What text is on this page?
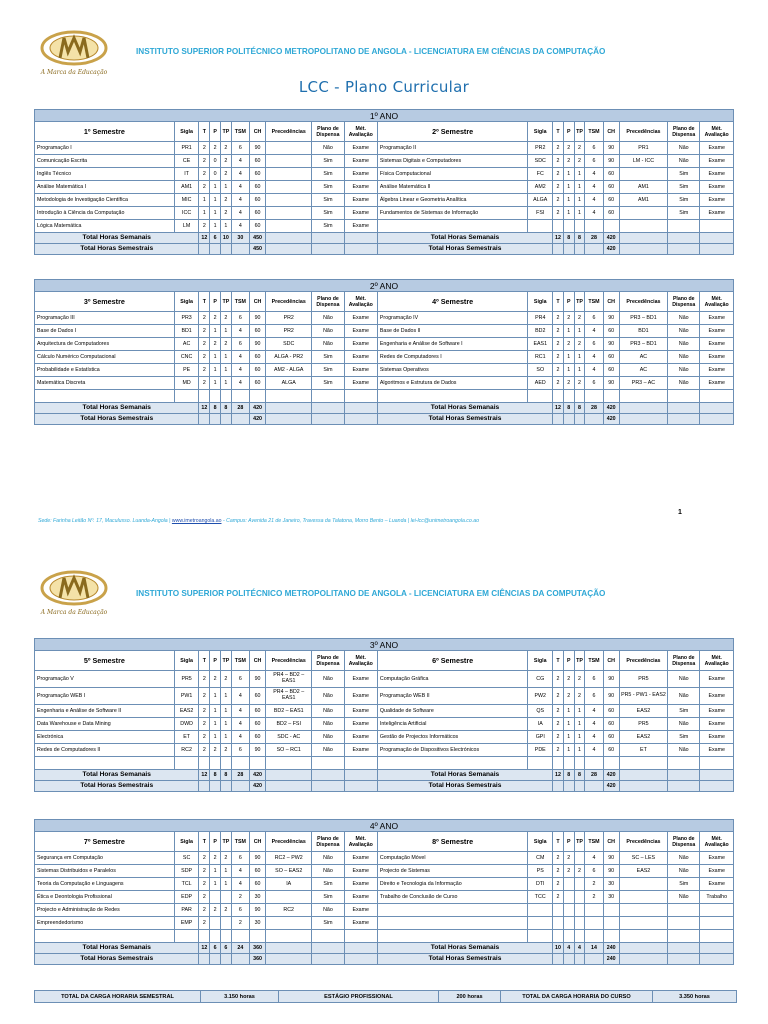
A Marca da Educação
INSTITUTO SUPERIOR POLITÉCNICO METROPOLITANO DE ANGOLA - LICENCIATURA EM CIÊNCIAS DA COMPUTAÇÃO
LCC - Plano Curricular
1º ANO																			
1º Semestre	Sigla	T	P	TP	TSM	CH	Precedências	Plano de Dispensa	Mét. Avaliação	2º Semestre	Sigla	T	P	TP	TSM	CH	Precedências	Plano de Dispensa	Mét. Avaliação
Programação I	PR1	2	2	2	6	90		Não	Exame	Programação II	PR2	2	2	2	6	90	PR1	Não	Exame
Comunicação Escrita	CE	2	0	2	4	60		Sim	Exame	Sistemas Digitais e Computadores	SDC	2	2	2	6	90	LM - ICC	Não	Exame
Inglês Técnico	IT	2	0	2	4	60		Sim	Exame	Física Computacional	FC	2	1	1	4	60		Sim	Exame
Análise Matemática I	AM1	2	1	1	4	60		Sim	Exame	Análise Matemática II	AM2	2	1	1	4	60	AM1	Sim	Exame
Metodologia de Investigação Científica	MIC	1	1	2	4	60		Sim	Exame	Álgebra Linear e Geometria Analítica	ALGA	2	1	1	4	60	AM1	Sim	Exame
Introdução à Ciência da Computação	ICC	1	1	2	4	60		Sim	Exame	Fundamentos de Sistemas de Informação	FSI	2	1	1	4	60		Sim	Exame
Lógica Matemática	LM	2	1	1	4	60		Sim	Exame										
Total Horas Semanais		12	6	10	30	450				Total Horas Semanais		12	8	8	28	420			
Total Horas Semestrais						450				Total Horas Semestrais						420			
2º ANO																			
3º Semestre	Sigla	T	P	TP	TSM	CH	Precedências	Plano de Dispensa	Mét. Avaliação	4º Semestre	Sigla	T	P	TP	TSM	CH	Precedências	Plano de Dispensa	Mét. Avaliação
Programação III	PR3	2	2	2	6	90	PR2	Não	Exame	Programação IV	PR4	2	2	2	6	90	PR3 – BD1	Não	Exame
Base de Dados I	BD1	2	1	1	4	60	PR2	Não	Exame	Base de Dados II	BD2	2	1	1	4	60	BD1	Não	Exame
Arquitectura de Computadores	AC	2	2	2	6	90	SDC	Não	Exame	Engenharia e Análise de Software I	EAS1	2	2	2	6	90	PR3 – BD1	Não	Exame
Cálculo Numérico Computacional	CNC	2	1	1	4	60	ALGA - PR2	Sim	Exame	Redes de Computadores I	RC1	2	1	1	4	60	AC	Não	Exame
Probabilidade e Estatística	PE	2	1	1	4	60	AM2 - ALGA	Sim	Exame	Sistemas Operativos	SO	2	1	1	4	60	AC	Não	Exame
Matemática Discreta	MD	2	1	1	4	60	ALGA	Sim	Exame	Algoritmos e Estrutura de Dados	AED	2	2	2	6	90	PR3 – AC	Não	Exame

Total Horas Semanais		12	8	8	28	420				Total Horas Semanais		12	8	8	28	420			
Total Horas Semestrais						420				Total Horas Semestrais						420			
1
Sede: Farinha Leitão Nº. 17, Maculusso. Luanda-Angola | www.imetroangola.ao - Campus: Avenida 21 de Janeiro, Travessa da Talatona, Morro Bento – Luanda | lei-lcc@unimetroangola.co.ao
A Marca da Educação
INSTITUTO SUPERIOR POLITÉCNICO METROPOLITANO DE ANGOLA - LICENCIATURA EM CIÊNCIAS DA COMPUTAÇÃO
3º ANO																			
5º Semestre	Sigla	T	P	TP	TSM	CH	Precedências	Plano de Dispensa	Mét. Avaliação	6º Semestre	Sigla	T	P	TP	TSM	CH	Precedências	Plano de Dispensa	Mét. Avaliação
Programação V	PR5	2	2	2	6	90	PR4 – BD2 – EAS1	Não	Exame	Computação Gráfica	CG	2	2	2	6	90	PR5	Não	Exame
Programação WEB I	PW1	2	1	1	4	60	PR4 – BD2 – EAS1	Não	Exame	Programação WEB II	PW2	2	2	2	6	90	PR5 - PW1 - EAS2	Não	Exame
Engenharia e Análise de Software II	EAS2	2	1	1	4	60	BD2 – EAS1	Não	Exame	Qualidade de Software	QS	2	1	1	4	60	EAS2	Sim	Exame
Data Warehouse e Data Mining	DWD	2	1	1	4	60	BD2 – FSI	Não	Exame	Inteligência Artificial	IA	2	1	1	4	60	PR5	Não	Exame
Electrónica	ET	2	1	1	4	60	SDC - AC	Não	Exame	Gestão de Projectos Informáticos	GPI	2	1	1	4	60	EAS2	Sim	Exame
Redes de Computadores II	RC2	2	2	2	6	90	SO – RC1	Não	Exame	Programação de Dispositivos Electrónicos	PDE	2	1	1	4	60	ET	Não	Exame

Total Horas Semanais		12	8	8	28	420				Total Horas Semanais		12	8	8	28	420			
Total Horas Semestrais						420				Total Horas Semestrais						420			
4º ANO																			
7º Semestre	Sigla	T	P	TP	TSM	CH	Precedências	Plano de Dispensa	Mét. Avaliação	8º Semestre	Sigla	T	P	TP	TSM	CH	Precedências	Plano de Dispensa	Mét. Avaliação
Segurança em Computação	SC	2	2	2	6	90	RC2 – PW2	Não	Exame	Computação Móvel	CM	2	2		4	90	SC – LES	Não	Exame
Sistemas Distribuidos e Paralelos	SDP	2	1	1	4	60	SO – EAS2	Não	Exame	Projecto de Sistemas	PS	2	2	2	6	90	EAS2	Não	Exame
Teoria da Computação e Linguagens	TCL	2	1	1	4	60	IA	Sim	Exame	Direito e Tecnologia da Informação	DTI	2			2	30		Sim	Exame
Ética e Deontologia Profissional	EDP	2			2	30		Sim	Exame	Trabalho de Conclusão de Curso	TCC	2			2	30		Não	Trabalho
Projecto e Administração de Redes	PAR	2	2	2	6	90	RC2	Não	Exame										
Empreendedorismo	EMP	2			2	30		Sim	Exame										

Total Horas Semanais		12	6	6	24	360				Total Horas Semanais		10	4	4	14	240			
Total Horas Semestrais						360				Total Horas Semestrais						240			
TOTAL DA CARGA HORARIA SEMESTRAL	3.150 horas	ESTÁGIO PROFISSIONAL	200 horas	TOTAL DA CARGA HORARIA DO CURSO	3.350 horas
